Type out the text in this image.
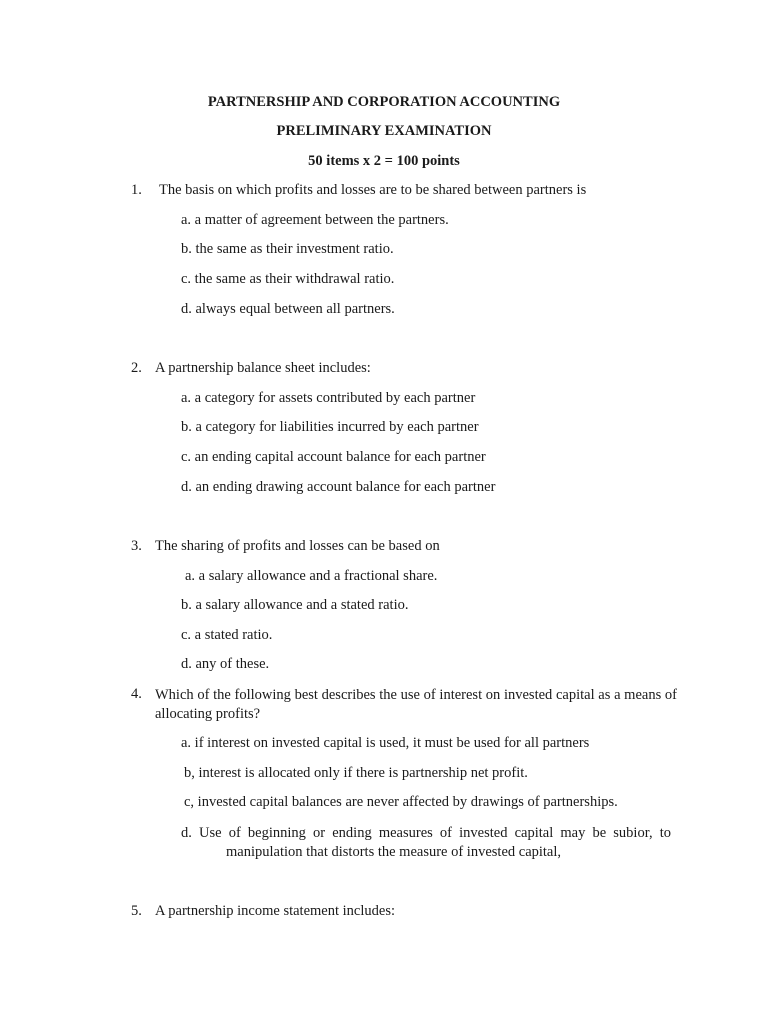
PARTNERSHIP AND CORPORATION ACCOUNTING
PRELIMINARY EXAMINATION
50 items x 2 = 100 points
1. The basis on which profits and losses are to be shared between partners is
a. a matter of agreement between the partners.
b. the same as their investment ratio.
c. the same as their withdrawal ratio.
d. always equal between all partners.
2. A partnership balance sheet includes:
a. a category for assets contributed by each partner
b. a category for liabilities incurred by each partner
c. an ending capital account balance for each partner
d. an ending drawing account balance for each partner
3. The sharing of profits and losses can be based on
a. a salary allowance and a fractional share.
b. a salary allowance and a stated ratio.
c. a stated ratio.
d. any of these.
4. Which of the following best describes the use of interest on invested capital as a means of allocating profits?
a. if interest on invested capital is used, it must be used for all partners
b, interest is allocated only if there is partnership net profit.
c, invested capital balances are never affected by drawings of partnerships.
d. Use of beginning or ending measures of invested capital may be subior, to
manipulation that distorts the measure of invested capital,
5. A partnership income statement includes:
